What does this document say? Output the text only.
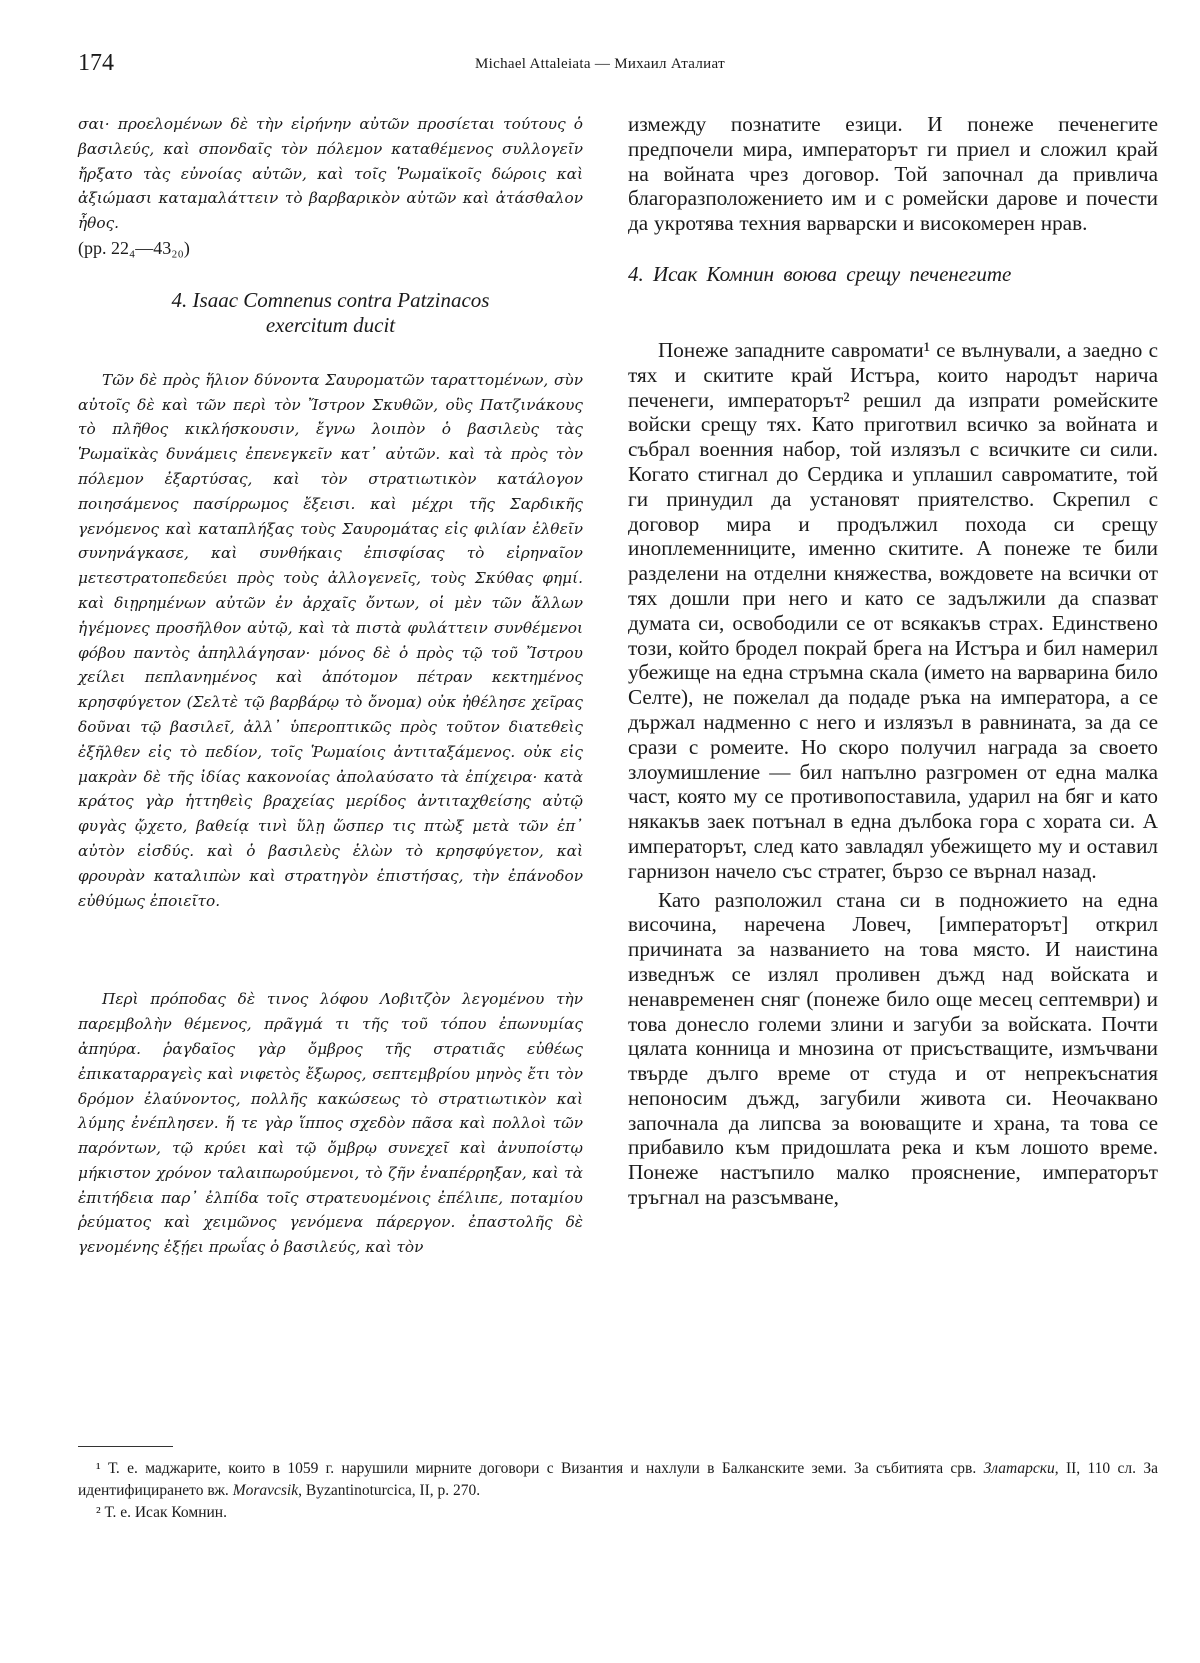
174	Michael Attaleiata — Михаил Аталиат

σαι· προελομένων δὲ τὴν εἰρήνην αὐτῶν προσίεται τούτους ὁ βασιλεύς, καὶ σπονδαῖς τὸν πόλεμον καταθέμενος συλλογεῖν ἤρξατο τὰς εὐνοίας αὐτῶν, καὶ τοῖς Ῥωμαϊκοῖς δώροις καὶ ἀξιώμασι καταμαλάττειν τὸ βαρβαρικὸν αὐτῶν καὶ ἀτάσθαλον ἦθος.
(pp. 22₄—43₂₀)

4. Isaac Comnenus contra Patzinacos
exercitum ducit

Τῶν δὲ πρὸς ἥλιον δύνοντα Σαυροματῶν ταραττομένων, σὺν αὐτοῖς δὲ καὶ τῶν περὶ τὸν Ἴστρον Σκυθῶν, οὓς Πατζινάκους τὸ πλῆθος κικλήσκουσιν, ἔγνω λοιπὸν ὁ βασιλεὺς τὰς Ῥωμαϊκὰς δυνάμεις ἐπενεγκεῖν κατ᾽ αὐτῶν. καὶ τὰ πρὸς τὸν πόλεμον ἐξαρτύσας, καὶ τὸν στρατιωτικὸν κατάλογον ποιησάμενος πασίρρωμος ἔξεισι. καὶ μέχρι τῆς Σαρδικῆς γενόμενος καὶ καταπλήξας τοὺς Σαυρομάτας εἰς φιλίαν ἐλθεῖν συνηνάγκασε, καὶ συνθήκαις ἐπισφίσας τὸ εἰρηναῖον μετεστρατοπεδεύει πρὸς τοὺς ἀλλογενεῖς, τοὺς Σκύθας φημί. καὶ διῃρημένων αὐτῶν ἐν ἀρχαῖς ὄντων, οἱ μὲν τῶν ἄλλων ἡγέμονες προσῆλθον αὐτῷ, καὶ τὰ πιστὰ φυλάττειν συνθέμενοι φόβου παντὸς ἀπηλλάγησαν· μόνος δὲ ὁ πρὸς τῷ τοῦ Ἴστρου χείλει πεπλανημένος καὶ ἀπότομον πέτραν κεκτημένος κρησφύγετον (Σελτὲ τῷ βαρβάρῳ τὸ ὄνομα) οὐκ ἠθέλησε χεῖρας δοῦναι τῷ βασιλεῖ, ἀλλ᾽ ὑπεροπτικῶς πρὸς τοῦτον διατεθεὶς ἐξῆλθεν εἰς τὸ πεδίον, τοῖς Ῥωμαίοις ἀντιταξάμενος. οὐκ εἰς μακρὰν δὲ τῆς ἰδίας κακονοίας ἀπολαύσατο τὰ ἐπίχειρα· κατὰ κράτος γὰρ ἡττηθεὶς βραχείας μερίδος ἀντιταχθείσης αὐτῷ φυγὰς ᾤχετο, βαθείᾳ τινὶ ὕλῃ ὥσπερ τις πτὼξ μετὰ τῶν ἐπ᾽ αὐτὸν εἰσδύς. καὶ ὁ βασιλεὺς ἑλὼν τὸ κρησφύγετον, καὶ φρουρὰν καταλιπὼν καὶ στρατηγὸν ἐπιστήσας, τὴν ἐπάνοδον εὐθύμως ἐποιεῖτο.

Περὶ πρόποδας δὲ τινος λόφου Λοβιτζὸν λεγομένου τὴν παρεμβολὴν θέμενος, πρᾶγμά τι τῆς τοῦ τόπου ἐπωνυμίας ἀπηύρα. ῥαγδαῖος γὰρ ὄμβρος τῆς στρατιᾶς εὐθέως ἐπικαταρραγεὶς καὶ νιφετὸς ἔξωρος, σεπτεμβρίου μηνὸς ἔτι τὸν δρόμον ἐλαύνοντος, πολλῆς κακώσεως τὸ στρατιωτικὸν καὶ λύμης ἐνέπλησεν. ἥ τε γὰρ ἵππος σχεδὸν πᾶσα καὶ πολλοὶ τῶν παρόντων, τῷ κρύει καὶ τῷ ὄμβρῳ συνεχεῖ καὶ ἀνυποίστῳ μήκιστον χρόνον ταλαιπωρούμενοι, τὸ ζῆν ἐναπέρρηξαν, καὶ τὰ ἐπιτήδεια παρ᾽ ἐλπίδα τοῖς στρατευομένοις ἐπέλιπε, ποταμίου ῥεύματος καὶ χειμῶνος γενόμενα πάρεργον. ἐπαστολῆς δὲ γενομένης ἐξῄει πρωΐας ὁ βασιλεύς, καὶ τὸν

измежду познатите езици. И понеже печенегите предпочели мира, императорът ги приел и сложил край на войната чрез договор. Той започнал да привлича благоразположението им и с ромейски дарове и почести да укротява техния варварски и високомерен нрав.

4. Исак Комнин воюва срещу печенегите

Понеже западните савромати¹ се вълнували, а заедно с тях и скитите край Истъра, които народът нарича печенеги, императорът² решил да изпрати ромейските войски срещу тях. Като приготвил всичко за войната и събрал военния набор, той излязъл с всичките си сили. Когато стигнал до Сердика и уплашил савроматите, той ги принудил да установят приятелство. Скрепил с договор мира и продължил похода си срещу иноплеменниците, именно скитите. А понеже те били разделени на отделни княжества, вождовете на всички от тях дошли при него и като се задължили да спазват думата си, освободили се от всякакъв страх. Единствено този, който бродел покрай брега на Истъра и бил намерил убежище на една стръмна скала (името на варварина било Селте), не пожелал да подаде ръка на императора, а се държал надменно с него и излязъл в равнината, за да се срази с ромеите. Но скоро получил награда за своето злоумишление — бил напълно разгромен от една малка част, която му се противопоставила, ударил на бяг и като някакъв заек потънал в една дълбока гора с хората си. А императорът, след като завладял убежището му и оставил гарнизон начело със стратег, бързо се върнал назад.

Като разположил стана си в подножието на една височина, наречена Ловеч, [императорът] открил причината за названието на това място. И наистина изведнъж се излял проливен дъжд над войската и ненавременен сняг (понеже било още месец септември) и това донесло големи злини и загуби за войската. Почти цялата конница и мнозина от присъстващите, измъчвани твърде дълго време от студа и от непрекъснатия непоносим дъжд, загубили живота си. Неочаквано започнала да липсва за воюващите и храна, та това се прибавило към придошлата река и към лошото време. Понеже настъпило малко прояснение, императорът тръгнал на разсъмване,

¹ Т. е. маджарите, които в 1059 г. нарушили мирните договори с Византия и нахлули в Балканските земи. За събитията срв. Златарски, II, 110 сл. За идентифицирането вж. Moravcsik, Byzantinoturcica, II, p. 270.

² Т. е. Исак Комнин.
